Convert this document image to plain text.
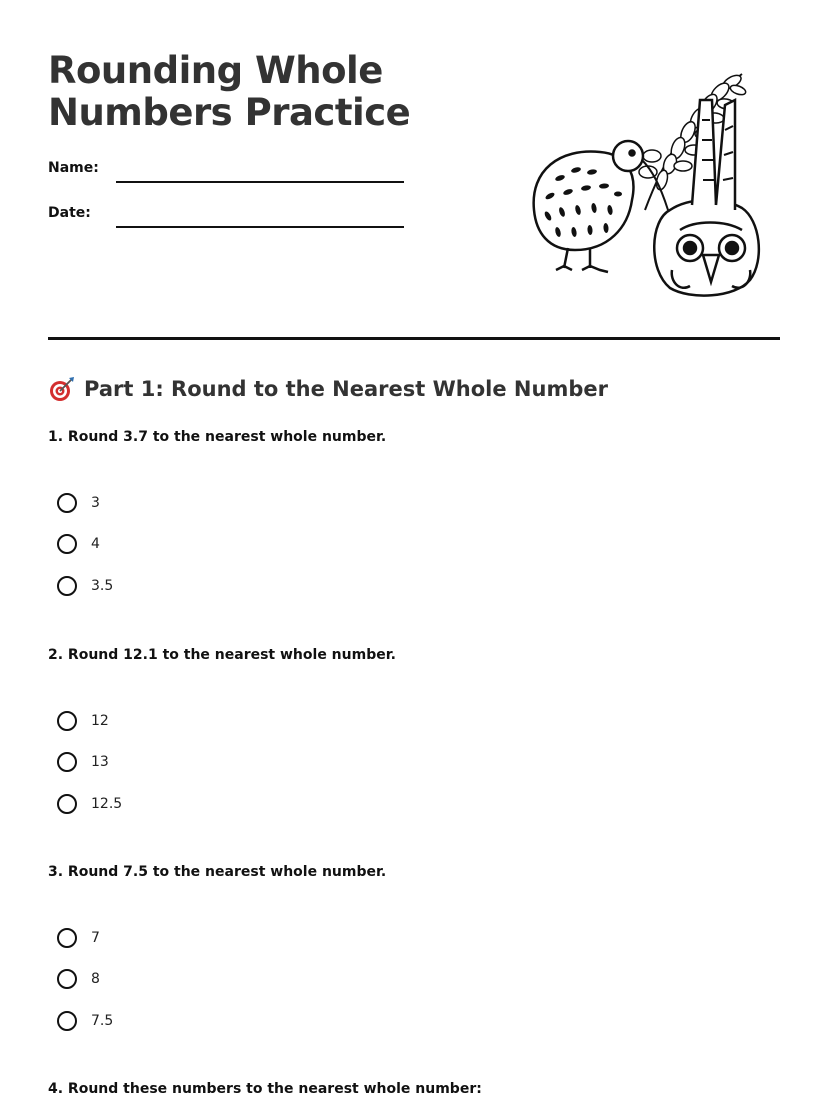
Rounding Whole
Numbers Practice
Name:
Date:
Part 1: Round to the Nearest Whole Number
1. Round 3.7 to the nearest whole number.
3
4
3.5
2. Round 12.1 to the nearest whole number.
12
13
12.5
3. Round 7.5 to the nearest whole number.
7
8
7.5
4. Round these numbers to the nearest whole number:
